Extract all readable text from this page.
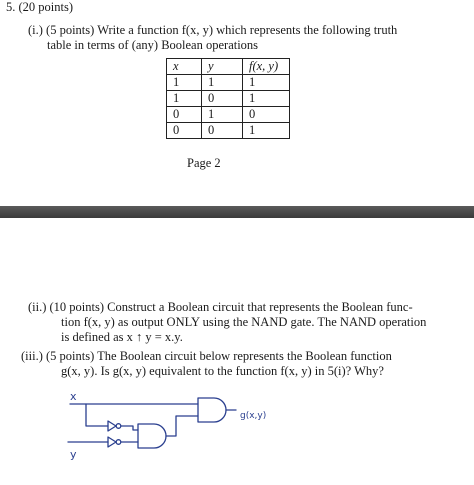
5. (20 points)
(i.) (5 points) Write a function f(x, y) which represents the following truth
table in terms of (any) Boolean operations
x	y	f(x, y)
1	1	1
1	0	1
0	1	0
0	0	1
Page 2
(ii.) (10 points) Construct a Boolean circuit that represents the Boolean func-
tion f(x, y) as output ONLY using the NAND gate. The NAND operation
is defined as x ↑ y = x.y.
(iii.) (5 points) The Boolean circuit below represents the Boolean function
g(x, y). Is g(x, y) equivalent to the function f(x, y) in 5(i)? Why?
x
y
g(x,y)
